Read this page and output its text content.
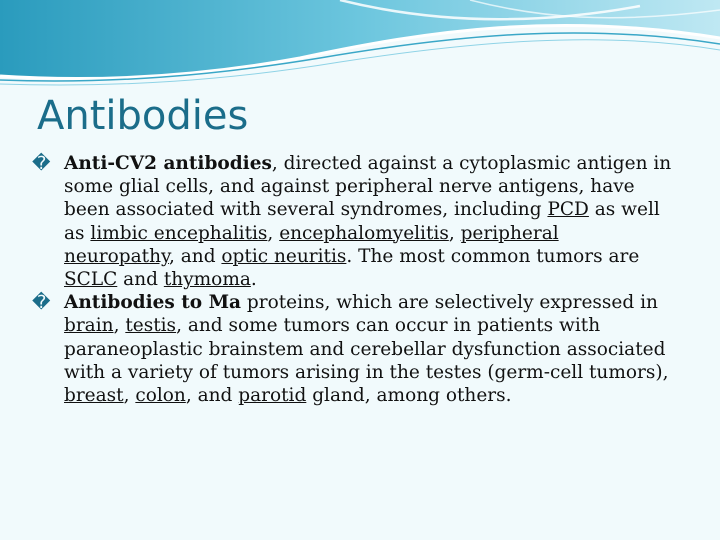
Antibodies

� Anti-CV2 antibodies, directed against a cytoplasmic antigen in some glial cells, and against peripheral nerve antigens, have been associated with several syndromes, including PCD as well as limbic encephalitis, encephalomyelitis, peripheral neuropathy, and optic neuritis. The most common tumors are SCLC and thymoma.

� Antibodies to Ma proteins, which are selectively expressed in brain, testis, and some tumors can occur in patients with paraneoplastic brainstem and cerebellar dysfunction associated with a variety of tumors arising in the testes (germ-cell tumors), breast, colon, and parotid gland, among others.
